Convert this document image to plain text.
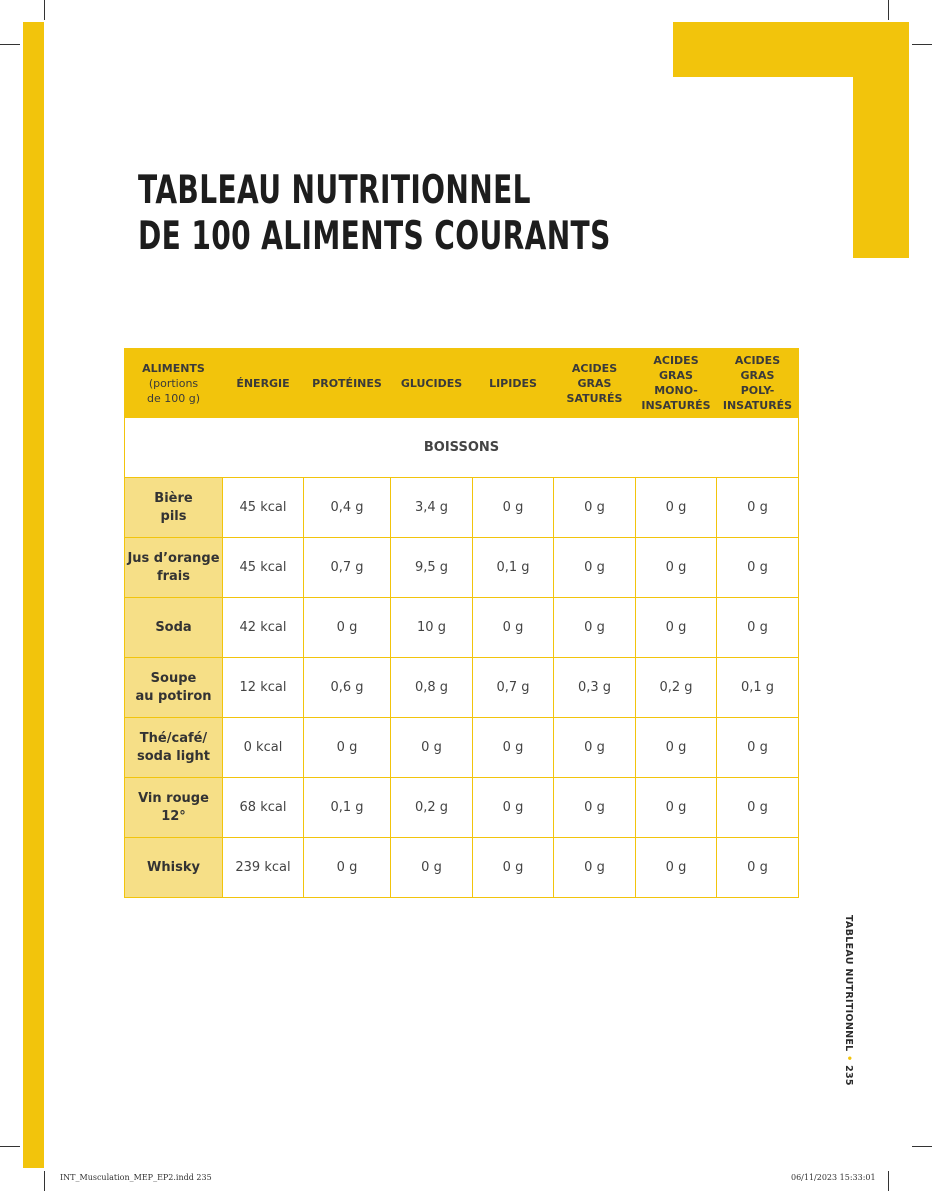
TABLEAU NUTRITIONNEL
DE 100 ALIMENTS COURANTS
ALIMENTS
(portions
de 100 g)	ÉNERGIE	PROTÉINES	GLUCIDES	LIPIDES	ACIDES
GRAS
SATURÉS	ACIDES
GRAS
MONO-
INSATURÉS	ACIDES
GRAS
POLY-
INSATURÉS
BOISSONS							
Bière
pils	45 kcal	0,4 g	3,4 g	0 g	0 g	0 g	0 g
Jus d’orange
frais	45 kcal	0,7 g	9,5 g	0,1 g	0 g	0 g	0 g
Soda	42 kcal	0 g	10 g	0 g	0 g	0 g	0 g
Soupe
au potiron	12 kcal	0,6 g	0,8 g	0,7 g	0,3 g	0,2 g	0,1 g
Thé/café/
soda light	0 kcal	0 g	0 g	0 g	0 g	0 g	0 g
Vin rouge
12°	68 kcal	0,1 g	0,2 g	0 g	0 g	0 g	0 g
Whisky	239 kcal	0 g	0 g	0 g	0 g	0 g	0 g
TABLEAU NUTRITIONNEL • 235
INT_Musculation_MEP_EP2.indd 235	06/11/2023 15:33:01
